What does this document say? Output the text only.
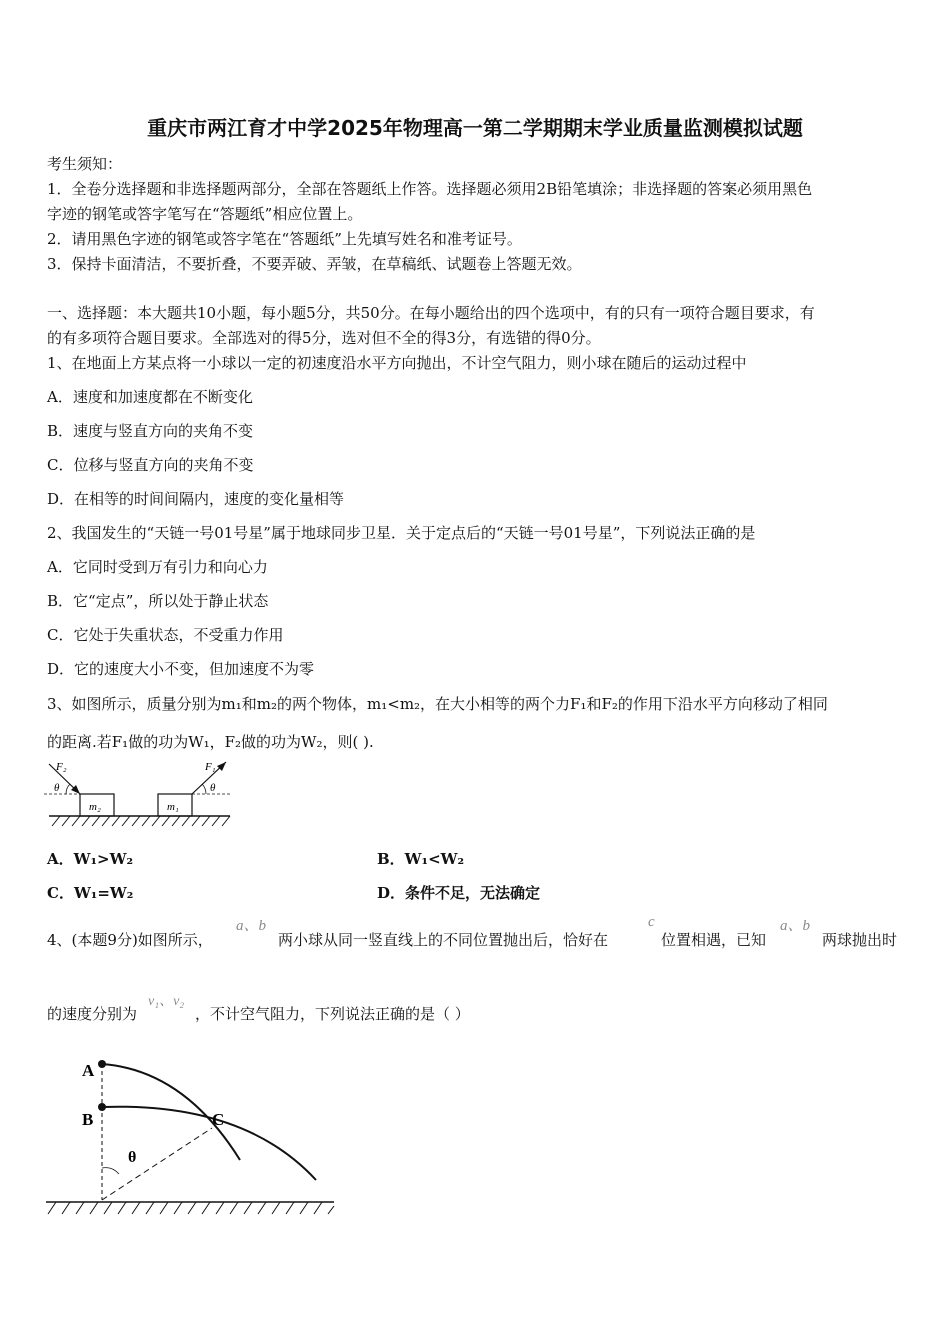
重庆市两江育才中学2025年物理高一第二学期期末学业质量监测模拟试题
考生须知：
1．全卷分选择题和非选择题两部分，全部在答题纸上作答。选择题必须用2B铅笔填涂；非选择题的答案必须用黑色
字迹的钢笔或答字笔写在“答题纸”相应位置上。
2．请用黑色字迹的钢笔或答字笔在“答题纸”上先填写姓名和准考证号。
3．保持卡面清洁，不要折叠，不要弄破、弄皱，在草稿纸、试题卷上答题无效。
一、选择题：本大题共10小题，每小题5分，共50分。在每小题给出的四个选项中，有的只有一项符合题目要求，有
的有多项符合题目要求。全部选对的得5分，选对但不全的得3分，有选错的得0分。
1、在地面上方某点将一小球以一定的初速度沿水平方向抛出，不计空气阻力，则小球在随后的运动过程中
A．速度和加速度都在不断变化
B．速度与竖直方向的夹角不变
C．位移与竖直方向的夹角不变
D．在相等的时间间隔内，速度的变化量相等
2、我国发生的“天链一号01号星”属于地球同步卫星．关于定点后的“天链一号01号星”，下列说法正确的是
A．它同时受到万有引力和向心力
B．它“定点”，所以处于静止状态
C．它处于失重状态，不受重力作用
D．它的速度大小不变，但加速度不为零
3、如图所示，质量分别为m₁和m₂的两个物体，m₁<m₂，在大小相等的两个力F₁和F₂的作用下沿水平方向移动了相同
的距离.若F₁做的功为W₁，F₂做的功为W₂，则( ).
m₂	m₁
F₂
θ
F₁
θ
A．W₁>W₂	B．W₁<W₂
C．W₁=W₂	D．条件不足，无法确定
4、(本题9分)如图所示，
a、b
两小球从同一竖直线上的不同位置抛出后，恰好在
c
位置相遇，已知
a、b
两球抛出时
的速度分别为
v₁、v₂
，不计空气阻力，下列说法正确的是（ ）
A
B	C
θ
